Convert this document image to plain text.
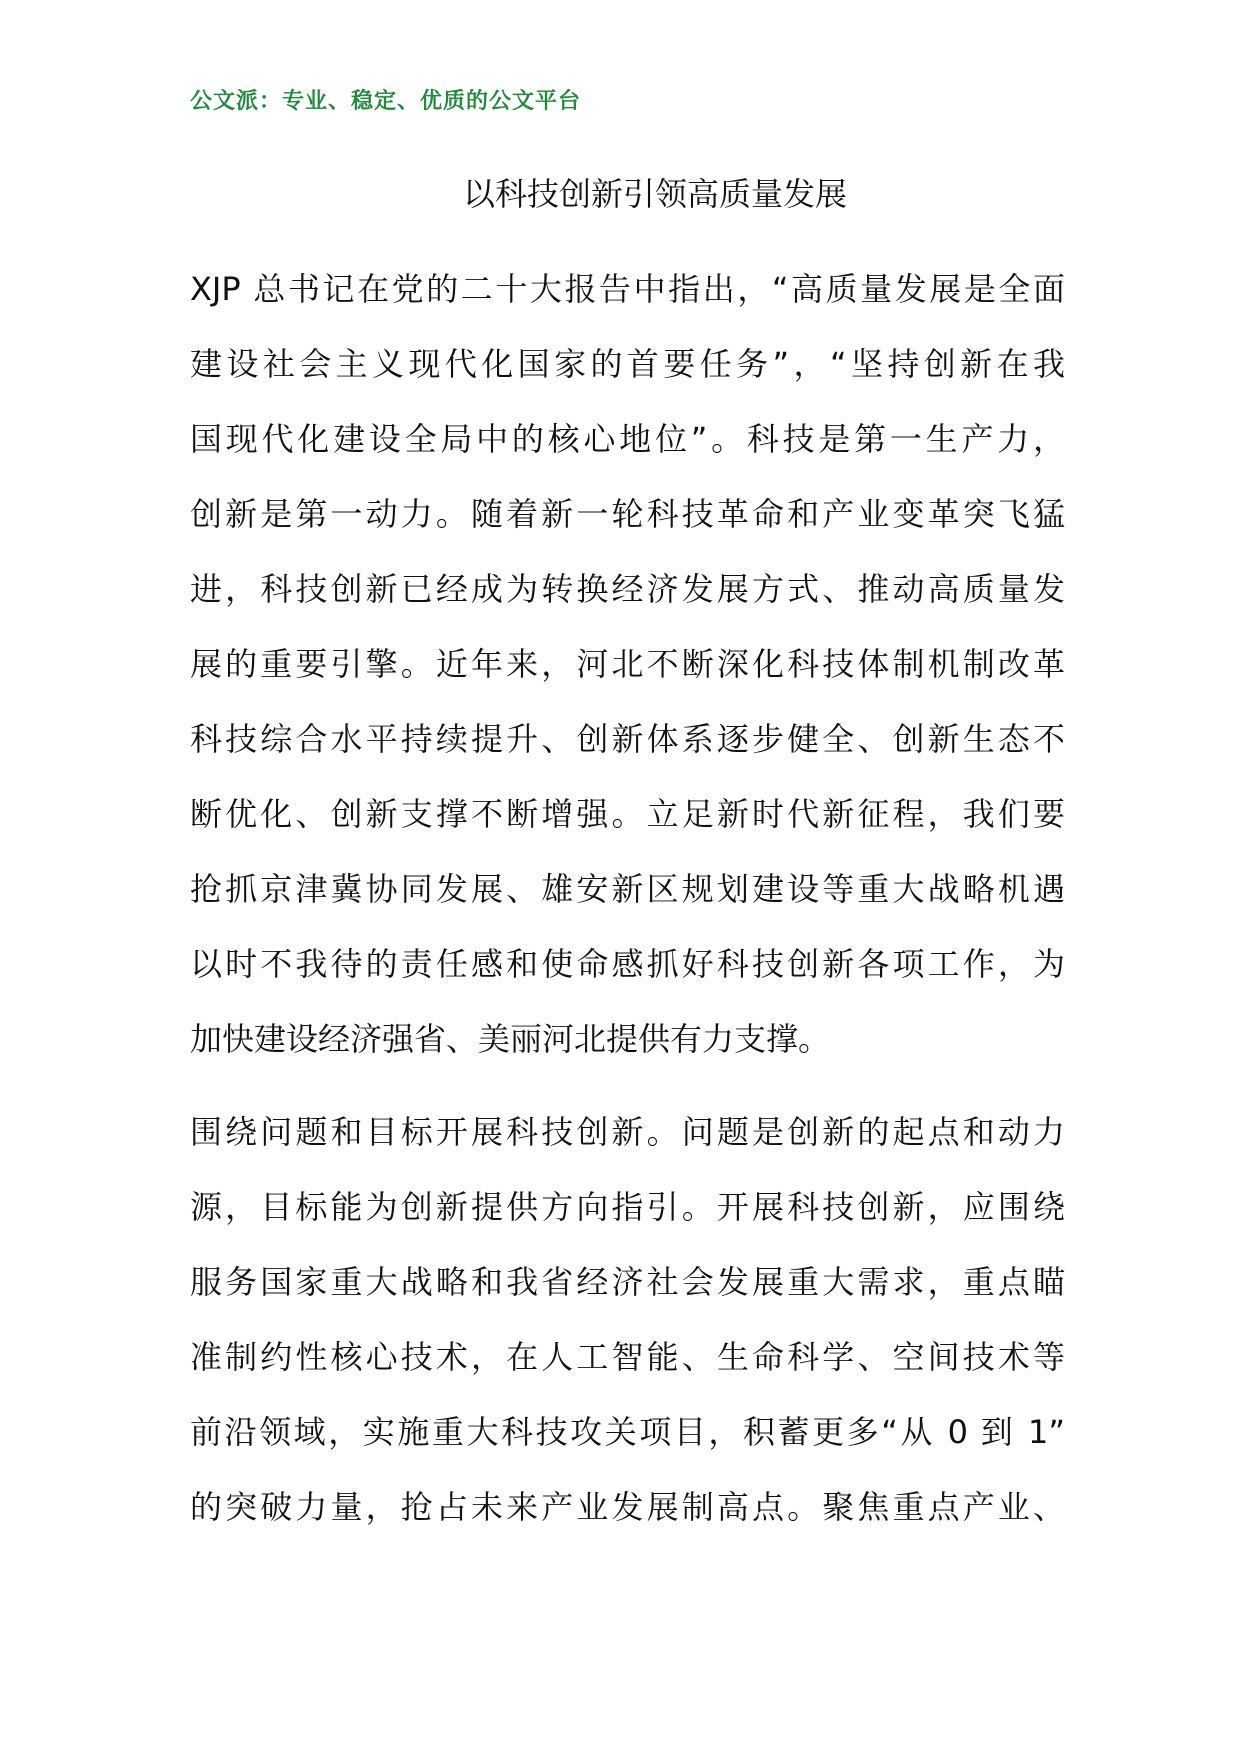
公文派：专业、稳定、优质的公文平台
以科技创新引领高质量发展
XJP 总书记在党的二十大报告中指出，“高质量发展是全面
建设社会主义现代化国家的首要任务”，“坚持创新在我
国现代化建设全局中的核心地位”。科技是第一生产力，
创新是第一动力。随着新一轮科技革命和产业变革突飞猛
进，科技创新已经成为转换经济发展方式、推动高质量发
展的重要引擎。近年来，河北不断深化科技体制机制改革
科技综合水平持续提升、创新体系逐步健全、创新生态不
断优化、创新支撑不断增强。立足新时代新征程，我们要
抢抓京津冀协同发展、雄安新区规划建设等重大战略机遇
以时不我待的责任感和使命感抓好科技创新各项工作，为
加快建设经济强省、美丽河北提供有力支撑。
围绕问题和目标开展科技创新。问题是创新的起点和动力
源，目标能为创新提供方向指引。开展科技创新，应围绕
服务国家重大战略和我省经济社会发展重大需求，重点瞄
准制约性核心技术，在人工智能、生命科学、空间技术等
前沿领域，实施重大科技攻关项目，积蓄更多“从 0 到 1”
的突破力量，抢占未来产业发展制高点。聚焦重点产业、
